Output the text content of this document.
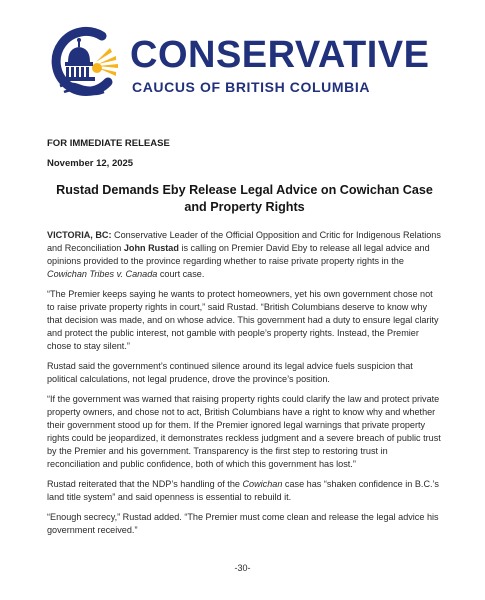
CONSERVATIVE
CAUCUS OF BRITISH COLUMBIA

FOR IMMEDIATE RELEASE

November 12, 2025

Rustad Demands Eby Release Legal Advice on Cowichan Case
and Property Rights

VICTORIA, BC: Conservative Leader of the Official Opposition and Critic for Indigenous Relations and Reconciliation John Rustad is calling on Premier David Eby to release all legal advice and opinions provided to the province regarding whether to raise private property rights in the Cowichan Tribes v. Canada court case.

“The Premier keeps saying he wants to protect homeowners, yet his own government chose not to raise private property rights in court,” said Rustad. “British Columbians deserve to know why that decision was made, and on whose advice. This government had a duty to ensure legal clarity and protect the public interest, not gamble with people’s property rights. Instead, the Premier chose to stay silent.”

Rustad said the government’s continued silence around its legal advice fuels suspicion that political calculations, not legal prudence, drove the province’s position.

“If the government was warned that raising property rights could clarify the law and protect private property owners, and chose not to act, British Columbians have a right to know why and whether their government stood up for them. If the Premier ignored legal warnings that private property rights could be jeopardized, it demonstrates reckless judgment and a severe breach of public trust by the Premier and his government. Transparency is the first step to restoring trust in reconciliation and public confidence, both of which this government has lost.”

Rustad reiterated that the NDP’s handling of the Cowichan case has “shaken confidence in B.C.’s land title system” and said openness is essential to rebuild it.

“Enough secrecy,” Rustad added. “The Premier must come clean and release the legal advice his government received.”

-30-
